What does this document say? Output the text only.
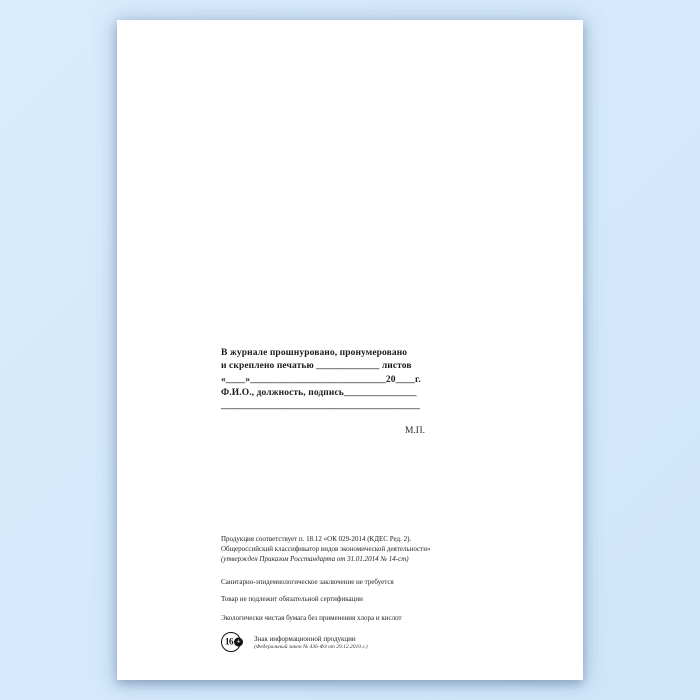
В журнале прошнуровано, пронумеровано
и скреплено печатью _____________ листов
«____»____________________________20____г.
Ф.И.О., должность, подпись_______________
_________________________________________
М.П.
Продукция соответствует п. 18.12 «ОК 029-2014 (КДЕС Ред. 2).
Общероссийский классификатор видов экономической деятельности»
(утвержден Приказом Росстандарта от 31.01.2014 № 14-ст)
Санитарно-эпидемиологическое заключение не требуется
Товар не подлежит обязательной сертификации
Экологически чистая бумага без применения хлора и кислот
16 +	Знак информационной продукции
(Федеральный закон № 436-ФЗ от 29.12.2010 г.)
